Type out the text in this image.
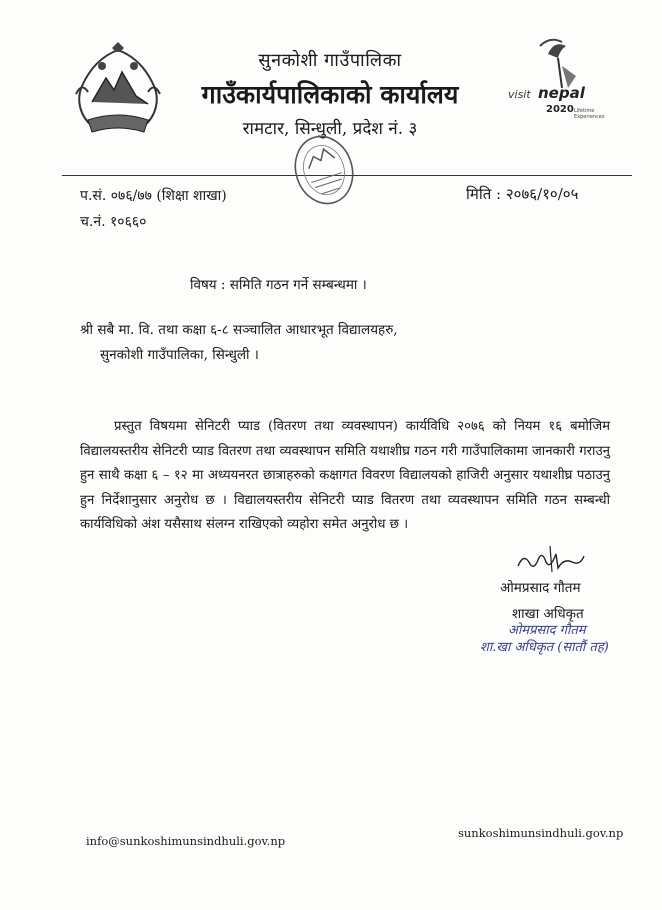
सुनकोशी गाउँपालिका
गाउँकार्यपालिकाको कार्यालय
रामटार, सिन्धुली, प्रदेश नं. ३
visit nepal
2020 Lifetime
Experiences
प.सं. ०७६/७७ (शिक्षा शाखा)	मिति : २०७६/१०/०५
च.नं. १०६६०
विषय : समिति गठन गर्ने सम्बन्धमा ।
श्री सबै मा. वि. तथा कक्षा ६-८ सञ्चालित आधारभूत विद्यालयहरु,
सुनकोशी गाउँपालिका, सिन्धुली ।

प्रस्तुत विषयमा सेनिटरी प्याड (वितरण तथा व्यवस्थापन) कार्यविधि २०७६ को नियम १६ बमोजिम विद्यालयस्तरीय सेनिटरी प्याड वितरण तथा व्यवस्थापन समिति यथाशीघ्र गठन गरी गाउँपालिकामा जानकारी गराउनु हुन साथै कक्षा ६ – १२ मा अध्ययनरत छात्राहरुको कक्षागत विवरण विद्यालयको हाजिरी अनुसार यथाशीघ्र पठाउनु हुन निर्देशानुसार अनुरोध छ । विद्यालयस्तरीय सेनिटरी प्याड वितरण तथा व्यवस्थापन समिति गठन सम्बन्धी कार्यविधिको अंश यसैसाथ संलग्न राखिएको व्यहोरा समेत अनुरोध छ ।

ओमप्रसाद गौतम
शाखा अधिकृत
ओमप्रसाद गौतम
शा.खा अधिकृत (सातौं तह)
info@sunkoshimunsindhuli.gov.np
sunkoshimunsindhuli.gov.np
